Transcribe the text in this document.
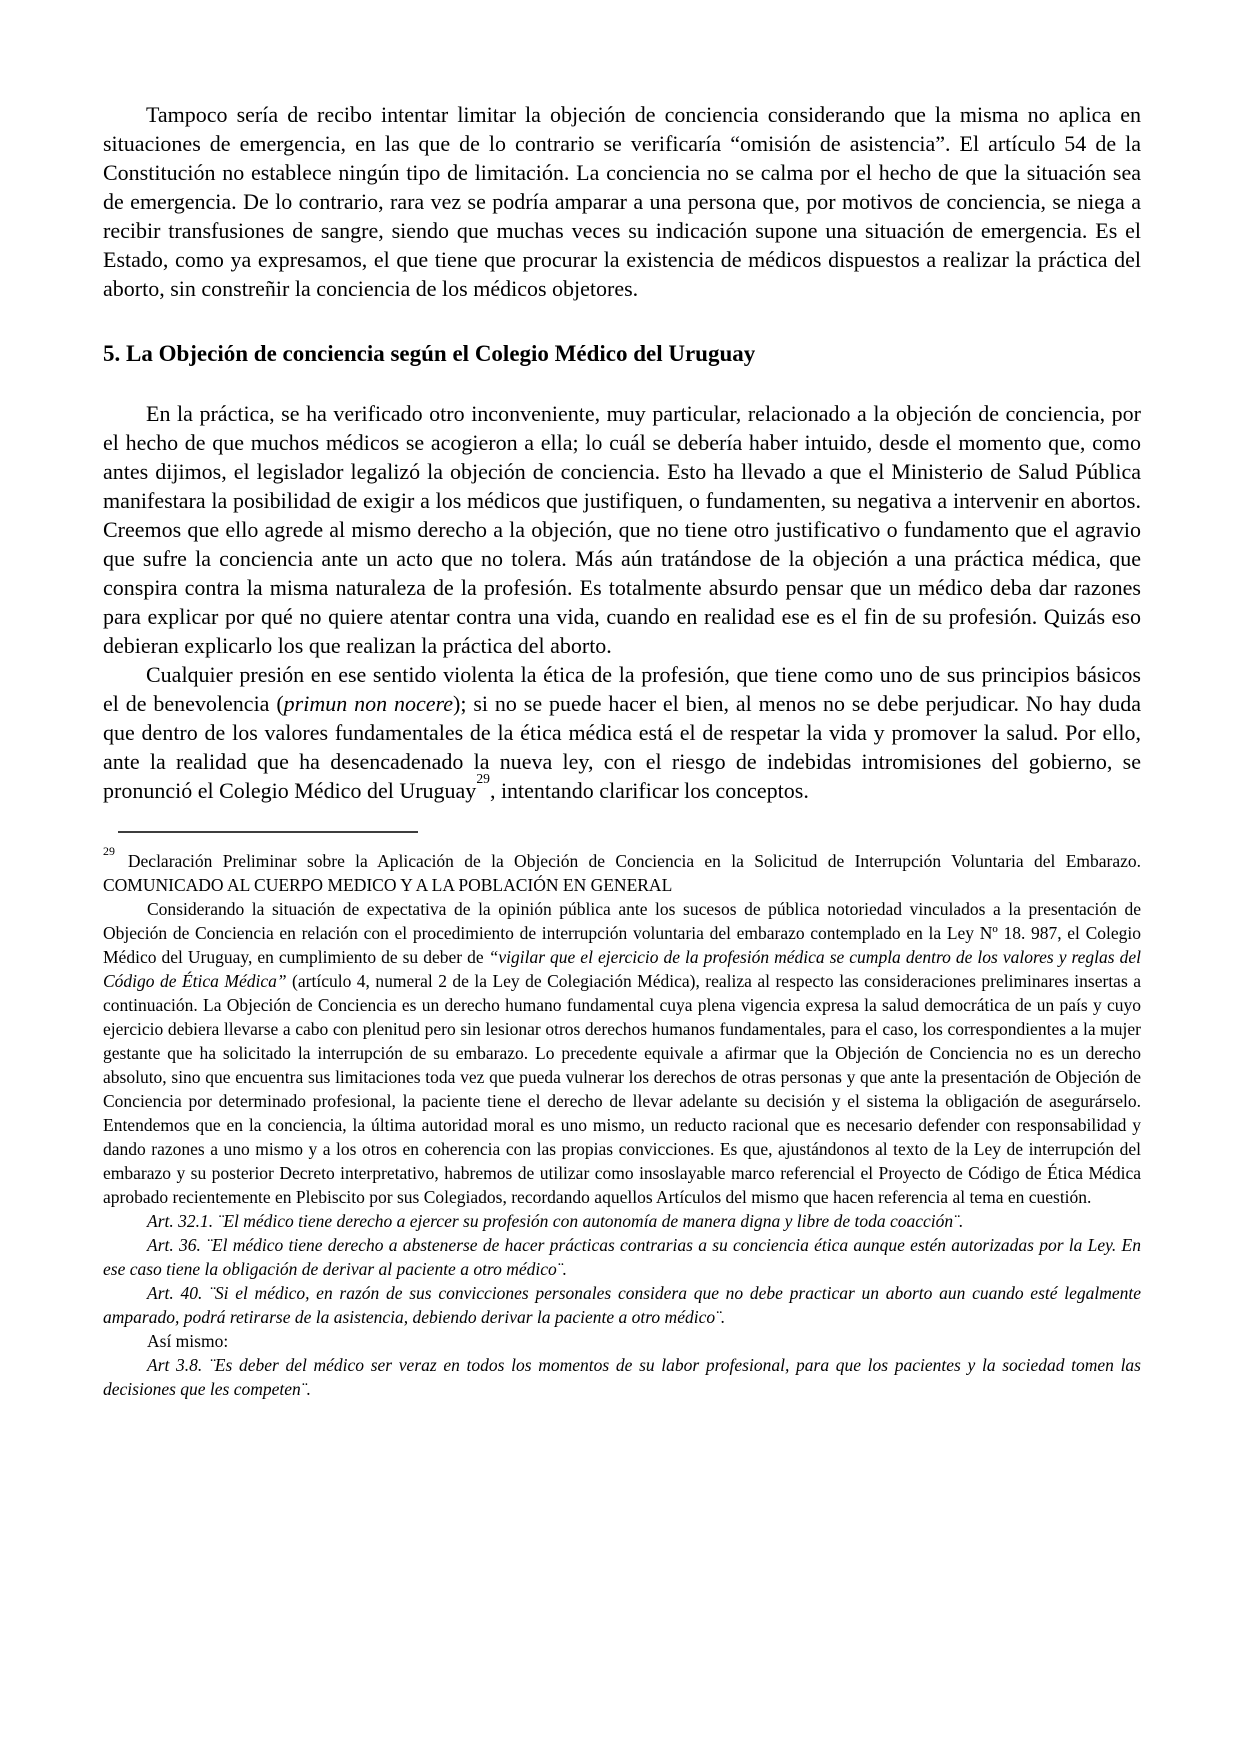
Tampoco sería de recibo intentar limitar la objeción de conciencia considerando que la misma no aplica en situaciones de emergencia, en las que de lo contrario se verificaría “omisión de asistencia”. El artículo 54 de la Constitución no establece ningún tipo de limitación. La conciencia no se calma por el hecho de que la situación sea de emergencia. De lo contrario, rara vez se podría amparar a una persona que, por motivos de conciencia, se niega a recibir transfusiones de sangre, siendo que muchas veces su indicación supone una situación de emergencia. Es el Estado, como ya expresamos, el que tiene que procurar la existencia de médicos dispuestos a realizar la práctica del aborto, sin constreñir la conciencia de los médicos objetores.

5. La Objeción de conciencia según el Colegio Médico del Uruguay

En la práctica, se ha verificado otro inconveniente, muy particular, relacionado a la objeción de conciencia, por el hecho de que muchos médicos se acogieron a ella; lo cuál se debería haber intuido, desde el momento que, como antes dijimos, el legislador legalizó la objeción de conciencia. Esto ha llevado a que el Ministerio de Salud Pública manifestara la posibilidad de exigir a los médicos que justifiquen, o fundamenten, su negativa a intervenir en abortos. Creemos que ello agrede al mismo derecho a la objeción, que no tiene otro justificativo o fundamento que el agravio que sufre la conciencia ante un acto que no tolera. Más aún tratándose de la objeción a una práctica médica, que conspira contra la misma naturaleza de la profesión. Es totalmente absurdo pensar que un médico deba dar razones para explicar por qué no quiere atentar contra una vida, cuando en realidad ese es el fin de su profesión. Quizás eso debieran explicarlo los que realizan la práctica del aborto.

Cualquier presión en ese sentido violenta la ética de la profesión, que tiene como uno de sus principios básicos el de benevolencia (primun non nocere); si no se puede hacer el bien, al menos no se debe perjudicar. No hay duda que dentro de los valores fundamentales de la ética médica está el de respetar la vida y promover la salud. Por ello, ante la realidad que ha desencadenado la nueva ley, con el riesgo de indebidas intromisiones del gobierno, se pronunció el Colegio Médico del Uruguay$^{29}$, intentando clarificar los conceptos.

$^{29}$Declaración Preliminar sobre la Aplicación de la Objeción de Conciencia en la Solicitud de Interrupción Voluntaria del Embarazo. COMUNICADO AL CUERPO MEDICO Y A LA POBLACIÓN EN GENERAL

Considerando la situación de expectativa de la opinión pública ante los sucesos de pública notoriedad vinculados a la presentación de Objeción de Conciencia en relación con el procedimiento de interrupción voluntaria del embarazo contemplado en la Ley Nº 18. 987, el Colegio Médico del Uruguay, en cumplimiento de su deber de “vigilar que el ejercicio de la profesión médica se cumpla dentro de los valores y reglas del Código de Ética Médica” (artículo 4, numeral 2 de la Ley de Colegiación Médica), realiza al respecto las consideraciones preliminares insertas a continuación. La Objeción de Conciencia es un derecho humano fundamental cuya plena vigencia expresa la salud democrática de un país y cuyo ejercicio debiera llevarse a cabo con plenitud pero sin lesionar otros derechos humanos fundamentales, para el caso, los correspondientes a la mujer gestante que ha solicitado la interrupción de su embarazo. Lo precedente equivale a afirmar que la Objeción de Conciencia no es un derecho absoluto, sino que encuentra sus limitaciones toda vez que pueda vulnerar los derechos de otras personas y que ante la presentación de Objeción de Conciencia por determinado profesional, la paciente tiene el derecho de llevar adelante su decisión y el sistema la obligación de asegurárselo. Entendemos que en la conciencia, la última autoridad moral es uno mismo, un reducto racional que es necesario defender con responsabilidad y dando razones a uno mismo y a los otros en coherencia con las propias convicciones. Es que, ajustándonos al texto de la Ley de interrupción del embarazo y su posterior Decreto interpretativo, habremos de utilizar como insoslayable marco referencial el Proyecto de Código de Ética Médica aprobado recientemente en Plebiscito por sus Colegiados, recordando aquellos Artículos del mismo que hacen referencia al tema en cuestión.

Art. 32.1. ¨El médico tiene derecho a ejercer su profesión con autonomía de manera digna y libre de toda coacción¨.

Art. 36. ¨El médico tiene derecho a abstenerse de hacer prácticas contrarias a su conciencia ética aunque estén autorizadas por la Ley. En ese caso tiene la obligación de derivar al paciente a otro médico¨.

Art. 40. ¨Si el médico, en razón de sus convicciones personales considera que no debe practicar un aborto aun cuando esté legalmente amparado, podrá retirarse de la asistencia, debiendo derivar la paciente a otro médico¨.

Así mismo:

Art 3.8. ¨Es deber del médico ser veraz en todos los momentos de su labor profesional, para que los pacientes y la sociedad tomen las decisiones que les competen¨.
